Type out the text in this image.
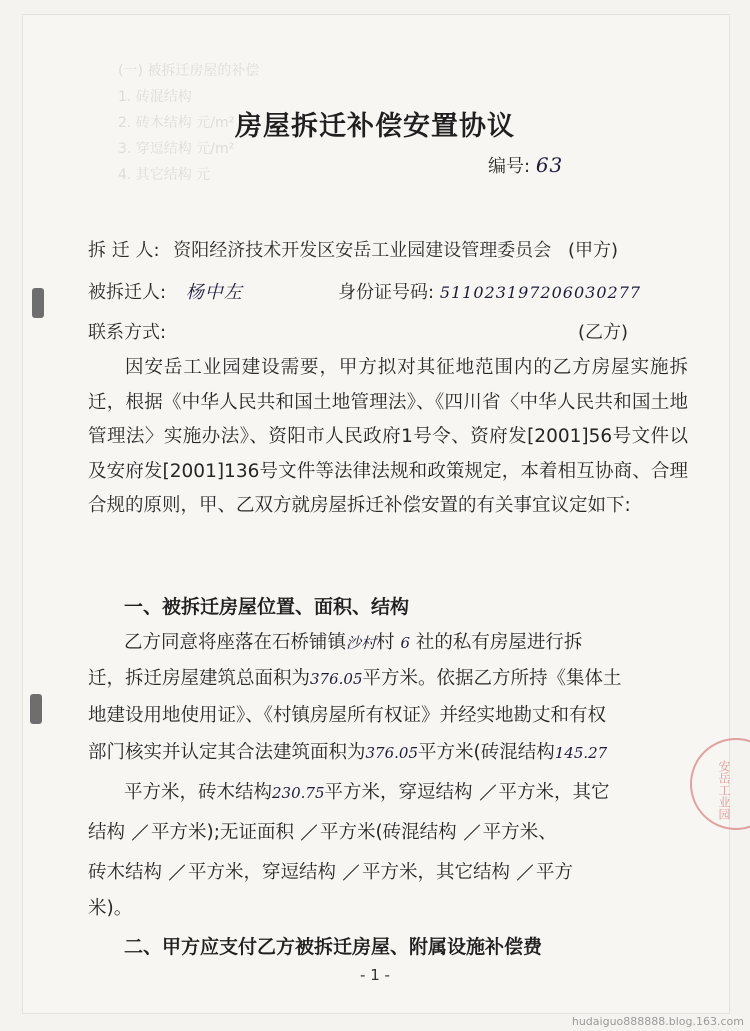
(一) 被拆迁房屋的补偿
1. 砖混结构
2. 砖木结构 元/m²
3. 穿逗结构 元/m²
4. 其它结构 元
房屋拆迁补偿安置协议
编号: 63
拆 迁 人: 资阳经济技术开发区安岳工业园建设管理委员会 (甲方)
被拆迁人: 杨中左	身份证号码: 511023197206030277
联系方式:	(乙方)

因安岳工业园建设需要，甲方拟对其征地范围内的乙方房屋实施拆迁，根据《中华人民共和国土地管理法》、《四川省〈中华人民共和国土地管理法〉实施办法》、资阳市人民政府1号令、资府发[2001]56号文件以及安府发[2001]136号文件等法律法规和政策规定，本着相互协商、合理合规的原则，甲、乙双方就房屋拆迁补偿安置的有关事宜议定如下:

一、被拆迁房屋位置、面积、结构
乙方同意将座落在石桥铺镇沙村村 6 社的私有房屋进行拆
迁，拆迁房屋建筑总面积为376.05平方米。依据乙方所持《集体土
地建设用地使用证》、《村镇房屋所有权证》并经实地勘丈和有权
部门核实并认定其合法建筑面积为376.05平方米(砖混结构145.27
平方米，砖木结构230.75平方米，穿逗结构 平方米，其它
结构 平方米);无证面积 平方米(砖混结构 平方米、
砖木结构 平方米，穿逗结构 平方米，其它结构 平方
米)。
二、甲方应支付乙方被拆迁房屋、附属设施补偿费
- 1 -
安岳工业园
hudaiguo888888.blog.163.com
